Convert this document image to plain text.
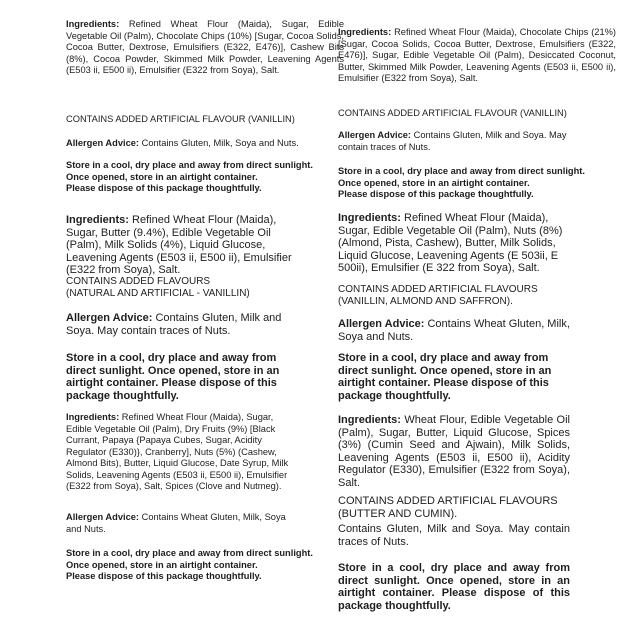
Ingredients: Refined Wheat Flour (Maida), Sugar, Edible Vegetable Oil (Palm), Chocolate Chips (10%) [Sugar, Cocoa Solids, Cocoa Butter, Dextrose, Emulsifiers (E322, E476)], Cashew Bits (8%), Cocoa Powder, Skimmed Milk Powder, Leavening Agents (E503 ii, E500 ii), Emulsifier (E322 from Soya), Salt.

CONTAINS ADDED ARTIFICIAL FLAVOUR (VANILLIN)
Allergen Advice: Contains Gluten, Milk, Soya and Nuts.
Store in a cool, dry place and away from direct sunlight.
Once opened, store in an airtight container.
Please dispose of this package thoughtfully.

Ingredients: Refined Wheat Flour (Maida), Sugar, Butter (9.4%), Edible Vegetable Oil (Palm), Milk Solids (4%), Liquid Glucose, Leavening Agents (E503 ii, E500 ii), Emulsifier (E322 from Soya), Salt.

CONTAINS ADDED FLAVOURS
(NATURAL AND ARTIFICIAL - VANILLIN)
Allergen Advice: Contains Gluten, Milk and Soya. May contain traces of Nuts.
Store in a cool, dry place and away from direct sunlight. Once opened, store in an airtight container. Please dispose of this package thoughtfully.

Ingredients: Refined Wheat Flour (Maida), Sugar, Edible Vegetable Oil (Palm), Dry Fruits (9%) [Black Currant, Papaya {Papaya Cubes, Sugar, Acidity Regulator (E330)}, Cranberry], Nuts (5%) (Cashew, Almond Bits), Butter, Liquid Glucose, Date Syrup, Milk Solids, Leavening Agents (E503 ii, E500 ii), Emulsifier (E322 from Soya), Salt, Spices (Clove and Nutmeg).

Allergen Advice: Contains Wheat Gluten, Milk, Soya and Nuts.
Store in a cool, dry place and away from direct sunlight.
Once opened, store in an airtight container.
Please dispose of this package thoughtfully.

Ingredients: Refined Wheat Flour (Maida), Chocolate Chips (21%) [Sugar, Cocoa Solids, Cocoa Butter, Dextrose, Emulsifiers (E322, E476)], Sugar, Edible Vegetable Oil (Palm), Desiccated Coconut, Butter, Skimmed Milk Powder, Leavening Agents (E503 ii, E500 ii), Emulsifier (E322 from Soya), Salt.

CONTAINS ADDED ARTIFICIAL FLAVOUR (VANILLIN)
Allergen Advice: Contains Gluten, Milk and Soya. May contain traces of Nuts.
Store in a cool, dry place and away from direct sunlight.
Once opened, store in an airtight container.
Please dispose of this package thoughtfully.

Ingredients: Refined Wheat Flour (Maida), Sugar, Edible Vegetable Oil (Palm), Nuts (8%) (Almond, Pista, Cashew), Butter, Milk Solids, Liquid Glucose, Leavening Agents (E 503ii, E 500ii), Emulsifier (E 322 from Soya), Salt.

CONTAINS ADDED ARTIFICIAL FLAVOURS
(VANILLIN, ALMOND AND SAFFRON).
Allergen Advice: Contains Wheat Gluten, Milk, Soya and Nuts.
Store in a cool, dry place and away from direct sunlight. Once opened, store in an airtight container. Please dispose of this package thoughtfully.

Ingredients: Wheat Flour, Edible Vegetable Oil (Palm), Sugar, Butter, Liquid Glucose, Spices (3%) (Cumin Seed and Ajwain), Milk Solids, Leavening Agents (E503 ii, E500 ii), Acidity Regulator (E330), Emulsifier (E322 from Soya), Salt.

CONTAINS ADDED ARTIFICIAL FLAVOURS
(BUTTER AND CUMIN).
Contains Gluten, Milk and Soya. May contain traces of Nuts.
Store in a cool, dry place and away from direct sunlight. Once opened, store in an airtight container. Please dispose of this package thoughtfully.
